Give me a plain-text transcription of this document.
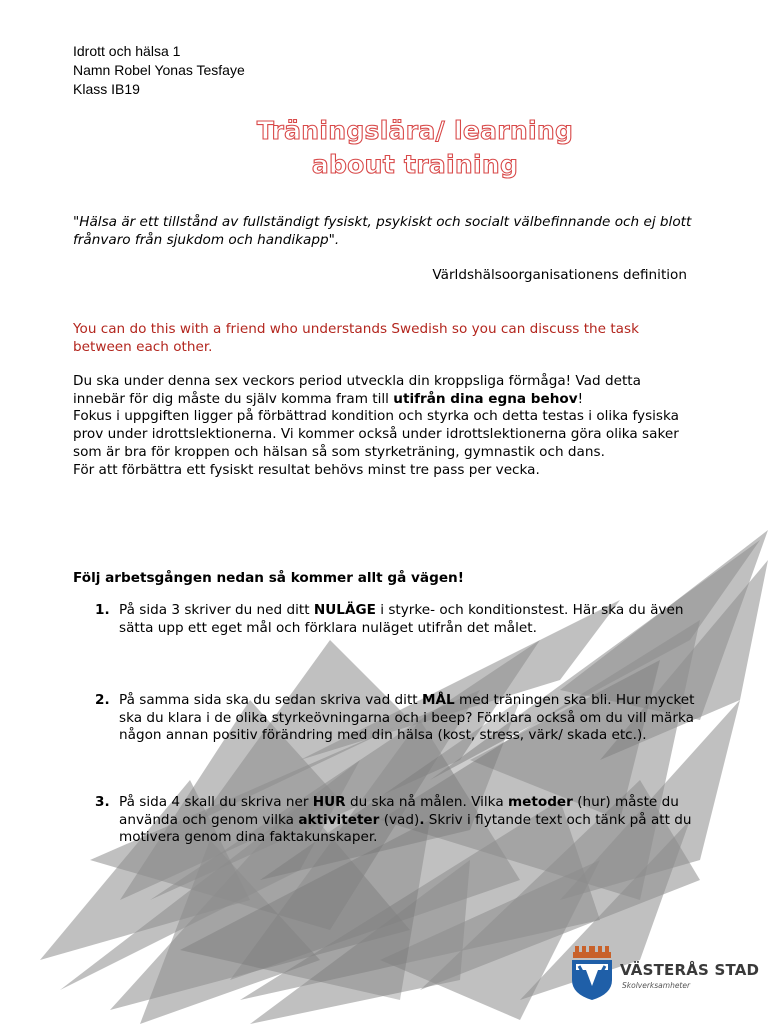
Idrott och hälsa 1
Namn Robel Yonas Tesfaye
Klass IB19
Träningslära/ learning
about training
"Hälsa är ett tillstånd av fullständigt fysiskt, psykiskt och socialt välbefinnande och ej blott frånvaro från sjukdom och handikapp".
Världshälsoorganisationens definition
You can do this with a friend who understands Swedish so you can discuss the task between each other.

Du ska under denna sex veckors period utveckla din kroppsliga förmåga! Vad detta innebär för dig måste du själv komma fram till utifrån dina egna behov!

Fokus i uppgiften ligger på förbättrad kondition och styrka och detta testas i olika fysiska prov under idrottslektionerna. Vi kommer också under idrottslektionerna göra olika saker som är bra för kroppen och hälsan så som styrketräning, gymnastik och dans.

För att förbättra ett fysiskt resultat behövs minst tre pass per vecka.

Följ arbetsgången nedan så kommer allt gå vägen!
1. På sida 3 skriver du ned ditt NULÄGE i styrke- och konditionstest. Här ska du även sätta upp ett eget mål och förklara nuläget utifrån det målet.
2. På samma sida ska du sedan skriva vad ditt MÅL med träningen ska bli. Hur mycket ska du klara i de olika styrkeövningarna och i beep? Förklara också om du vill märka någon annan positiv förändring med din hälsa (kost, stress, värk/ skada etc.).
3. På sida 4 skall du skriva ner HUR du ska nå målen. Vilka metoder (hur) måste du använda och genom vilka aktiviteter (vad). Skriv i flytande text och tänk på att du motivera genom dina faktakunskaper.
VÄSTERÅS STAD
Skolverksamheter
